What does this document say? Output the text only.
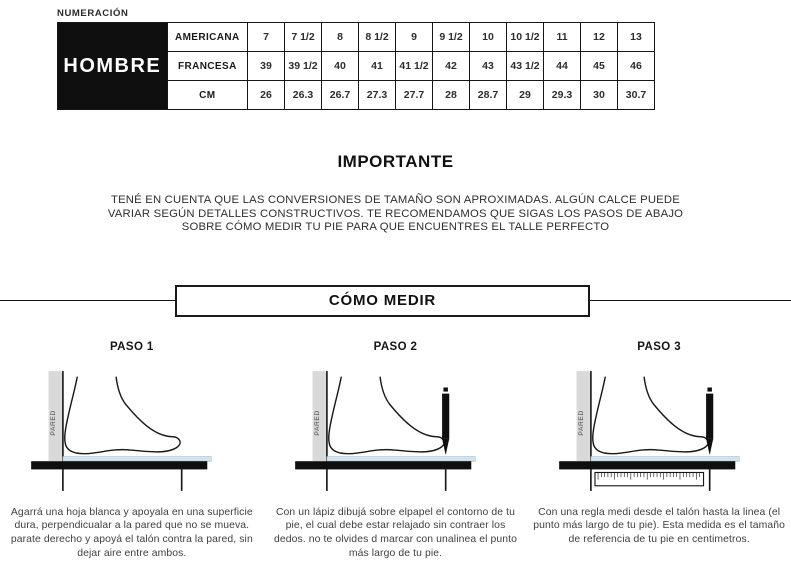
NUMERACIÓN

HOMBRE	AMERICANA	7	7 1/2	8	8 1/2	9	9 1/2	10	10 1/2	11	12	13
	FRANCESA	39	39 1/2	40	41	41 1/2	42	43	43 1/2	44	45	46
	CM	26	26.3	26.7	27.3	27.7	28	28.7	29	29.3	30	30.7
IMPORTANTE

TENÉ EN CUENTA QUE LAS CONVERSIONES DE TAMAÑO SON APROXIMADAS. ALGÚN CALCE PUEDE VARIAR SEGÚN DETALLES CONSTRUCTIVOS. TE RECOMENDAMOS QUE SIGAS LOS PASOS DE ABAJO SOBRE CÓMO MEDIR TU PIE PARA QUE ENCUENTRES EL TALLE PERFECTO

CÓMO MEDIR
PASO 1
PARED
Agarrá una hoja blanca y apoyala en una superficie dura, perpendicualar a la pared que no se mueva. parate derecho y apoyá el talón contra la pared, sin dejar aire entre ambos.
PASO 2
PARED
Con un lápiz dibujá sobre elpapel el contorno de tu pie, el cual debe estar relajado sin contraer los dedos. no te olvides d marcar con unalinea el punto más largo de tu pie.
PASO 3
PARED
Con una regla medi desde el talón hasta la linea (el punto más largo de tu pie). Esta medida es el tamaño de referencia de tu pie en centimetros.
